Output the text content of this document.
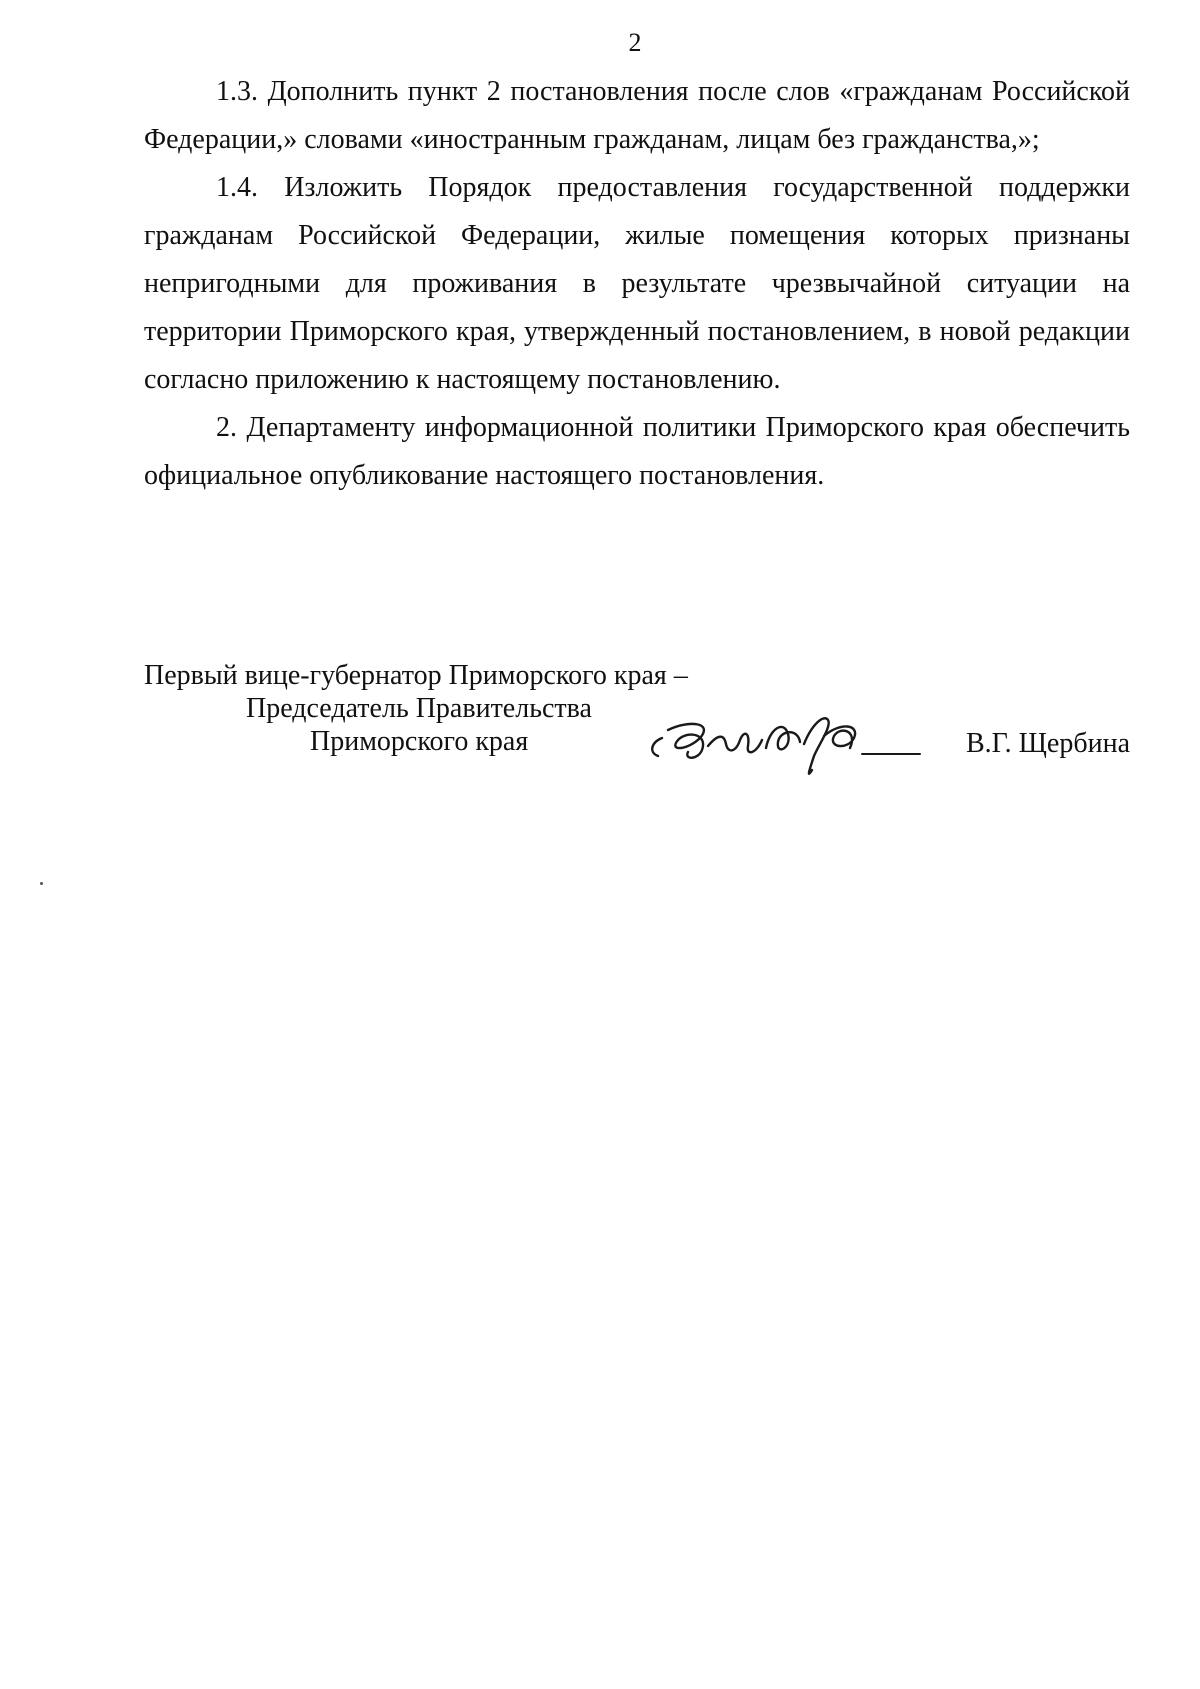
2

1.3. Дополнить пункт 2 постановления после слов «гражданам Российской Федерации,» словами «иностранным гражданам, лицам без гражданства,»;

1.4. Изложить Порядок предоставления государственной поддержки гражданам Российской Федерации, жилые помещения которых признаны непригодными для проживания в результате чрезвычайной ситуации на территории Приморского края, утвержденный постановлением, в новой редакции согласно приложению к настоящему постановлению.

2. Департаменту информационной политики Приморского края обеспечить официальное опубликование настоящего постановления.

Первый вице-губернатор Приморского края –
Председатель Правительства
Приморского края	В.Г. Щербина
